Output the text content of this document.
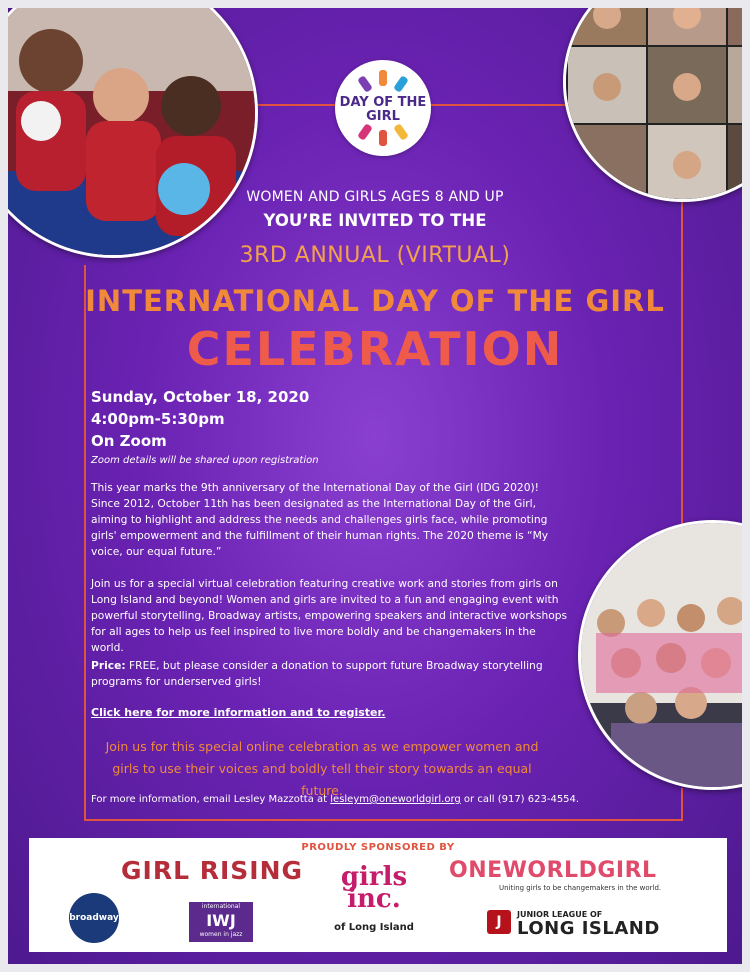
DAY OF THE GIRL
WOMEN AND GIRLS AGES 8 AND UP
YOU’RE INVITED TO THE
3RD ANNUAL (VIRTUAL)
INTERNATIONAL DAY OF THE GIRL
CELEBRATION
Sunday, October 18, 2020
4:00pm-5:30pm
On Zoom
Zoom details will be shared upon registration
This year marks the 9th anniversary of the International Day of the Girl (IDG 2020)! Since 2012, October 11th has been designated as the International Day of the Girl, aiming to highlight and address the needs and challenges girls face, while promoting girls' empowerment and the fulfillment of their human rights. The 2020 theme is “My voice, our equal future.”
Join us for a special virtual celebration featuring creative work and stories from girls on Long Island and beyond! Women and girls are invited to a fun and engaging event with powerful storytelling, Broadway artists, empowering speakers and interactive workshops for all ages to help us feel inspired to live more boldly and be changemakers in the world.
Price: FREE, but please consider a donation to support future Broadway storytelling programs for underserved girls!
Click here for more information and to register.
Join us for this special online celebration as we empower women and girls to use their voices and boldly tell their story towards an equal future.
For more information, email Lesley Mazzotta at lesleym@oneworldgirl.org or call (917) 623-4554.
PROUDLY SPONSORED BY
GIRL RISING	girls inc.
of Long Island
ONEWORLDGIRL
Uniting girls to be changemakers in the world.
J	JUNIOR LEAGUE OF
LONG ISLAND
broadway
international
IWJ
women in jazz
